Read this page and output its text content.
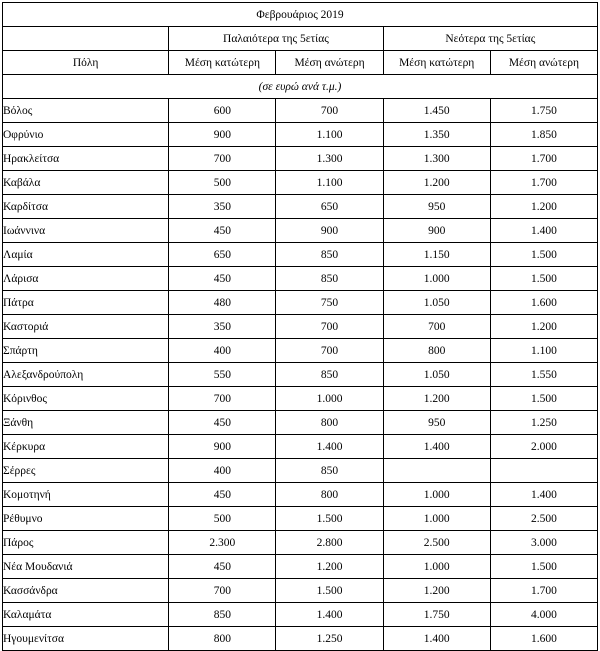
Φεβρουάριος 2019				
	Παλαιότερα της 5ετίας		Νεότερα της 5ετίας	
Πόλη	Μέση κατώτερη	Μέση ανώτερη	Μέση κατώτερη	Μέση ανώτερη
(σε ευρώ ανά τ.μ.)				
Βόλος	600	700	1.450	1.750
Οφρύνιο	900	1.100	1.350	1.850
Ηρακλείτσα	700	1.300	1.300	1.700
Καβάλα	500	1.100	1.200	1.700
Καρδίτσα	350	650	950	1.200
Ιωάννινα	450	900	900	1.400
Λαμία	650	850	1.150	1.500
Λάρισα	450	850	1.000	1.500
Πάτρα	480	750	1.050	1.600
Καστοριά	350	700	700	1.200
Σπάρτη	400	700	800	1.100
Αλεξανδρούπολη	550	850	1.050	1.550
Κόρινθος	700	1.000	1.200	1.500
Ξάνθη	450	800	950	1.250
Κέρκυρα	900	1.400	1.400	2.000
Σέρρες	400	850		
Κομοτηνή	450	800	1.000	1.400
Ρέθυμνο	500	1.500	1.000	2.500
Πάρος	2.300	2.800	2.500	3.000
Νέα Μουδανιά	450	1.200	1.000	1.500
Κασσάνδρα	700	1.500	1.200	1.700
Καλαμάτα	850	1.400	1.750	4.000
Ηγουμενίτσα	800	1.250	1.400	1.600
